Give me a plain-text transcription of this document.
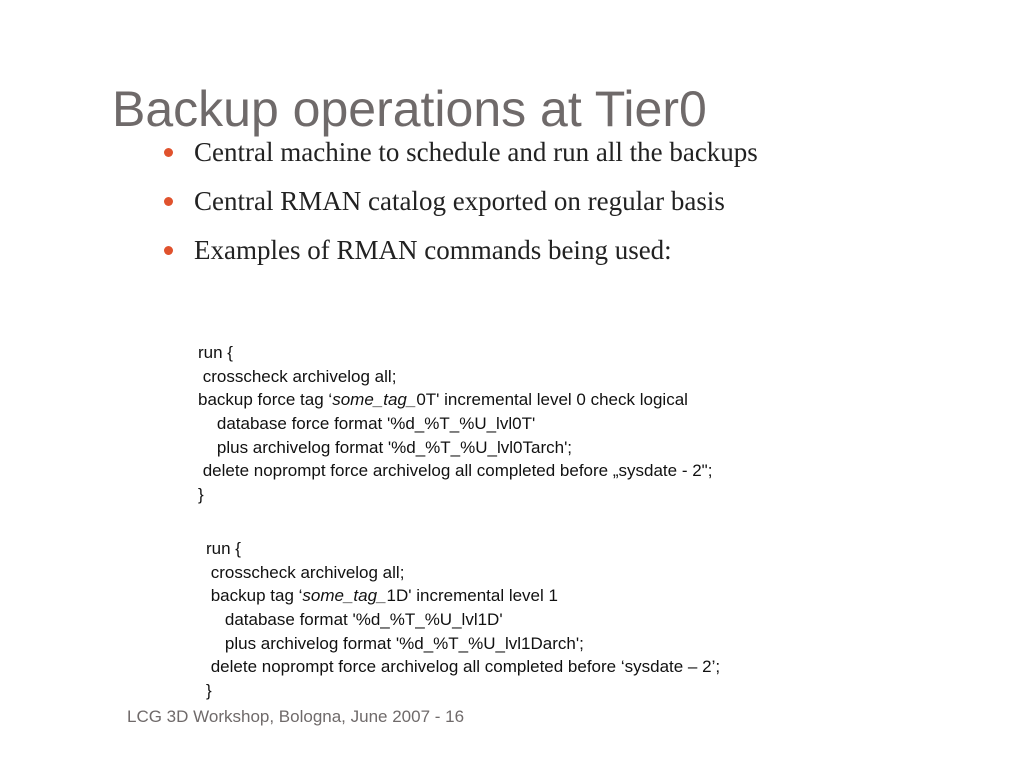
Central machine to schedule and run all the backups
Central RMAN catalog exported on regular basis
Examples of RMAN commands being used:
Backup operations at Tier0
run {
crosscheck archivelog all;
backup force tag ‘ some_tag_ 0T' incremental level 0 check logical
database force format '%d_%T_%U_lvl0T'
plus archivelog format '%d_%T_%U_lvl0Tarch';
delete noprompt force archivelog all completed before „sysdate - 2";
}
run {
crosscheck archivelog all;
backup tag ‘ some_tag_ 1D' incremental level 1
database format '%d_%T_%U_lvl1D'
plus archivelog format '%d_%T_%U_lvl1Darch';
delete noprompt force archivelog all completed before ‘sysdate – 2’;
}
LCG 3D Workshop, Bologna, June 2007 - 16
